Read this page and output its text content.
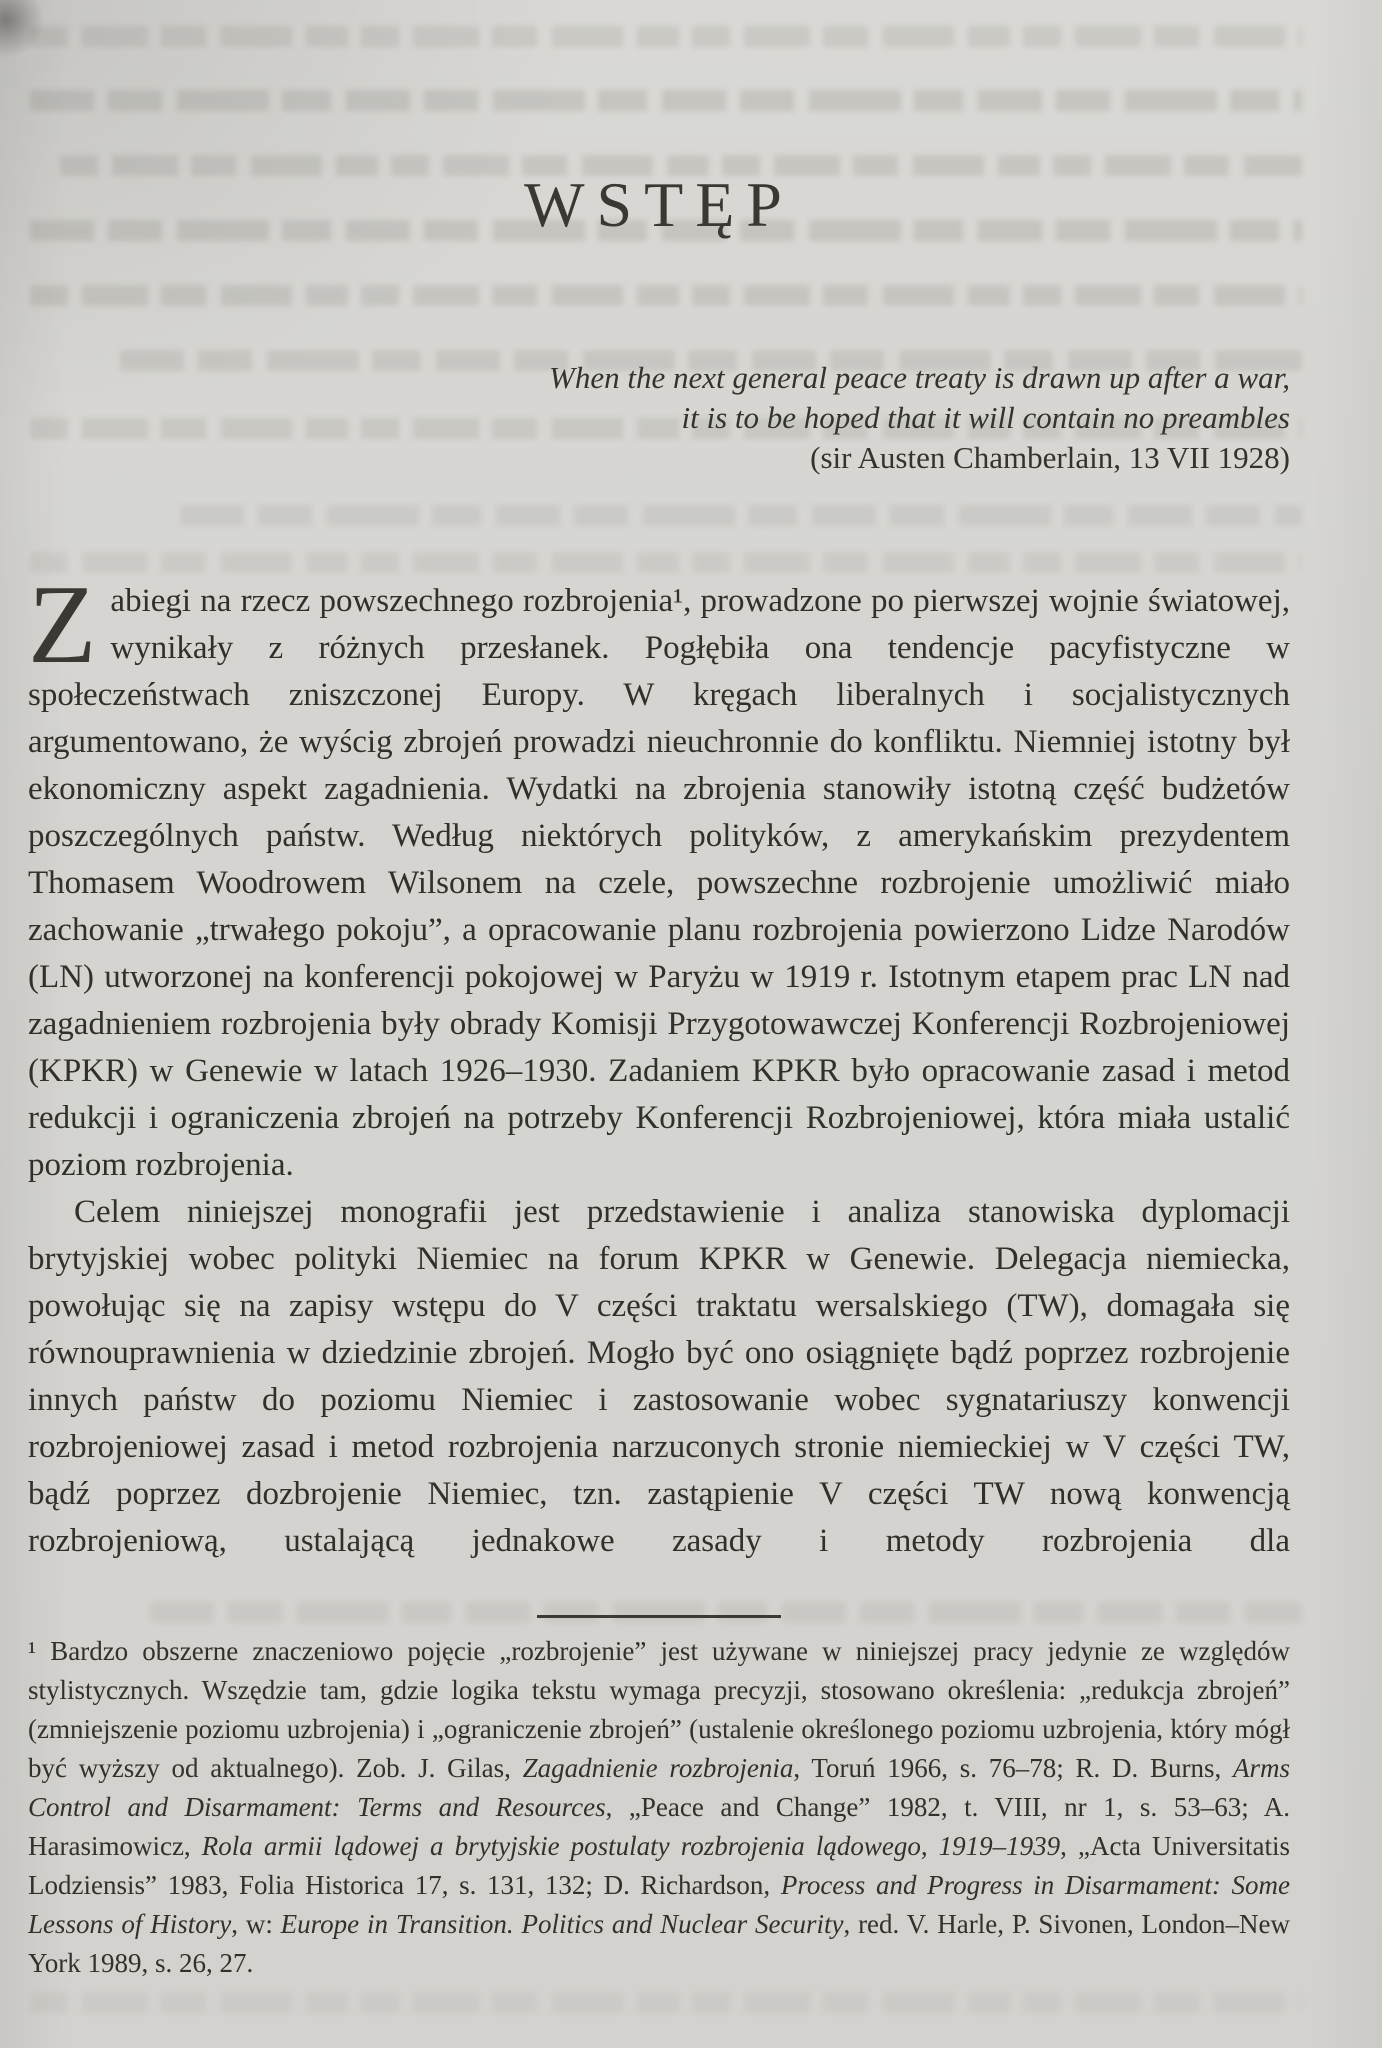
WSTĘP
When the next general peace treaty is drawn up after a war,
it is to be hoped that it will contain no preambles
(sir Austen Chamberlain, 13 VII 1928)

Zabiegi na rzecz powszechnego rozbrojenia¹, prowadzone po pierwszej wojnie światowej, wynikały z różnych przesłanek. Pogłębiła ona tendencje pacyfistyczne w społeczeństwach zniszczonej Europy. W kręgach liberalnych i socjalistycznych argumentowano, że wyścig zbrojeń prowadzi nieuchronnie do konfliktu. Niemniej istotny był ekonomiczny aspekt zagadnienia. Wydatki na zbrojenia stanowiły istotną część budżetów poszczególnych państw. Według niektórych polityków, z amerykańskim prezydentem Thomasem Woodrowem Wilsonem na czele, powszechne rozbrojenie umożliwić miało zachowanie „trwałego pokoju”, a opracowanie planu rozbrojenia powierzono Lidze Narodów (LN) utworzonej na konferencji pokojowej w Paryżu w 1919 r. Istotnym etapem prac LN nad zagadnieniem rozbrojenia były obrady Komisji Przygotowawczej Konferencji Rozbrojeniowej (KPKR) w Genewie w latach 1926–1930. Zadaniem KPKR było opracowanie zasad i metod redukcji i ograniczenia zbrojeń na potrzeby Konferencji Rozbrojeniowej, która miała ustalić poziom rozbrojenia.

Celem niniejszej monografii jest przedstawienie i analiza stanowiska dyplomacji brytyjskiej wobec polityki Niemiec na forum KPKR w Genewie. Delegacja niemiecka, powołując się na zapisy wstępu do V części traktatu wersalskiego (TW), domagała się równouprawnienia w dziedzinie zbrojeń. Mogło być ono osiągnięte bądź poprzez rozbrojenie innych państw do poziomu Niemiec i zastosowanie wobec sygnatariuszy konwencji rozbrojeniowej zasad i metod rozbrojenia narzuconych stronie niemieckiej w V części TW, bądź poprzez dozbrojenie Niemiec, tzn. zastąpienie V części TW nową konwencją rozbrojeniową, ustalającą jednakowe zasady i metody rozbrojenia dla

¹ Bardzo obszerne znaczeniowo pojęcie „rozbrojenie” jest używane w niniejszej pracy jedynie ze względów stylistycznych. Wszędzie tam, gdzie logika tekstu wymaga precyzji, stosowano określenia: „redukcja zbrojeń” (zmniejszenie poziomu uzbrojenia) i „ograniczenie zbrojeń” (ustalenie określonego poziomu uzbrojenia, który mógł być wyższy od aktualnego). Zob. J. Gilas, Zagadnienie rozbrojenia, Toruń 1966, s. 76–78; R. D. Burns, Arms Control and Disarmament: Terms and Resources, „Peace and Change” 1982, t. VIII, nr 1, s. 53–63; A. Harasimowicz, Rola armii lądowej a brytyjskie postulaty rozbrojenia lądowego, 1919–1939, „Acta Universitatis Lodziensis” 1983, Folia Historica 17, s. 131, 132; D. Richardson, Process and Progress in Disarmament: Some Lessons of History, w: Europe in Transition. Politics and Nuclear Security, red. V. Harle, P. Sivonen, London–New York 1989, s. 26, 27.
